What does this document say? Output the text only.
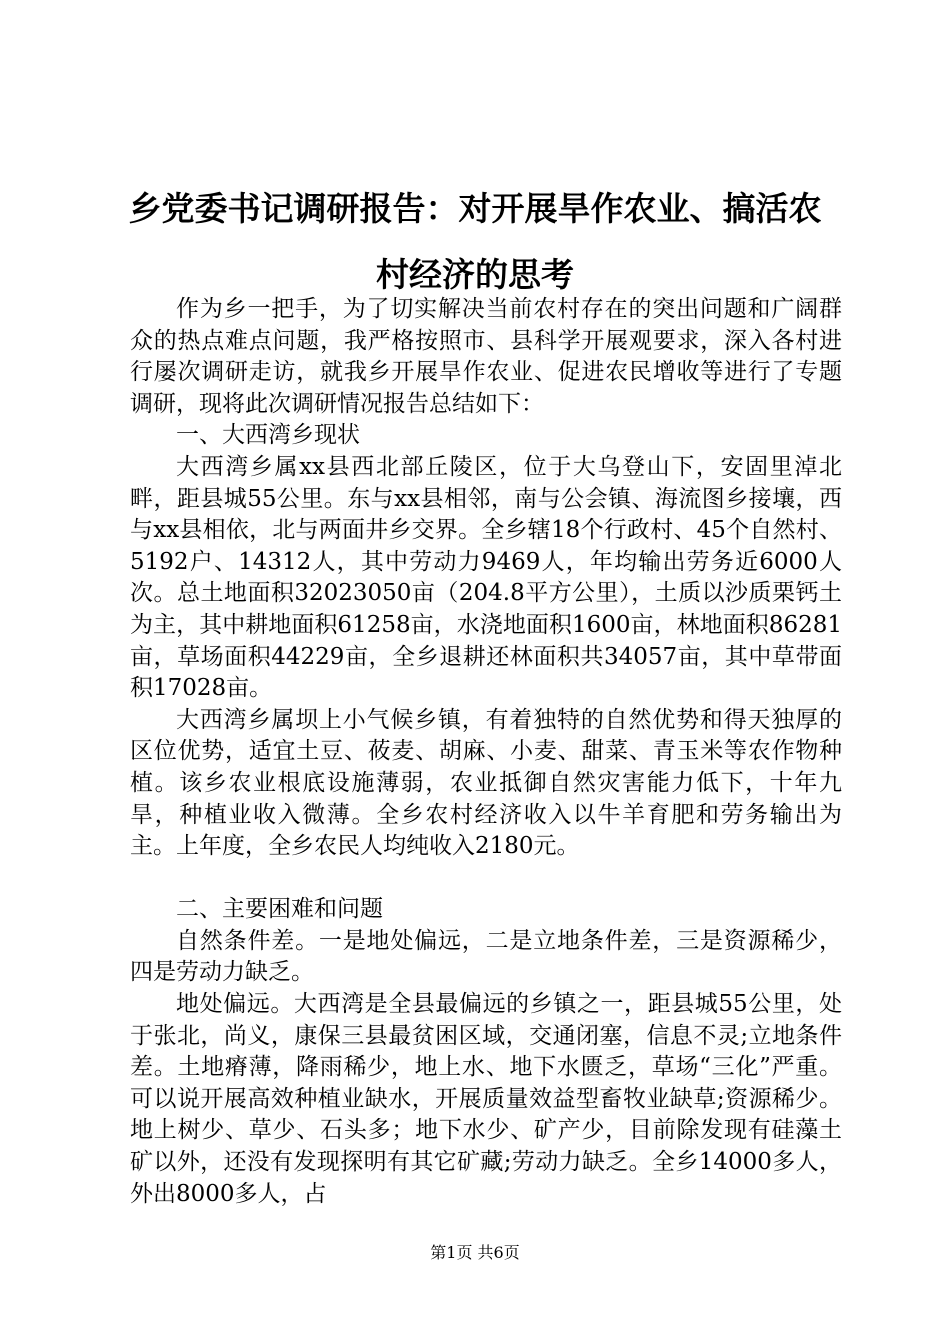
乡党委书记调研报告：对开展旱作农业、搞活农村经济的思考

作为乡一把手，为了切实解决当前农村存在的突出问题和广阔群众的热点难点问题，我严格按照市、县科学开展观要求，深入各村进行屡次调研走访，就我乡开展旱作农业、促进农民增收等进行了专题调研，现将此次调研情况报告总结如下：

一、大西湾乡现状

大西湾乡属xx县西北部丘陵区，位于大乌登山下，安固里淖北畔，距县城55公里。东与xx县相邻，南与公会镇、海流图乡接壤，西与xx县相依，北与两面井乡交界。全乡辖18个行政村、45个自然村、5192户、14312人，其中劳动力9469人，年均输出劳务近6000人次。总土地面积32023050亩（204.8平方公里），土质以沙质栗钙土为主，其中耕地面积61258亩，水浇地面积1600亩，林地面积86281亩，草场面积44229亩，全乡退耕还林面积共34057亩，其中草带面积17028亩。

大西湾乡属坝上小气候乡镇，有着独特的自然优势和得天独厚的区位优势，适宜土豆、莜麦、胡麻、小麦、甜菜、青玉米等农作物种植。该乡农业根底设施薄弱，农业抵御自然灾害能力低下，十年九旱，种植业收入微薄。全乡农村经济收入以牛羊育肥和劳务输出为主。上年度，全乡农民人均纯收入2180元。

二、主要困难和问题

自然条件差。一是地处偏远，二是立地条件差，三是资源稀少，四是劳动力缺乏。

地处偏远。大西湾是全县最偏远的乡镇之一，距县城55公里，处于张北，尚义，康保三县最贫困区域，交通闭塞，信息不灵;立地条件差。土地瘠薄，降雨稀少，地上水、地下水匮乏，草场“三化”严重。可以说开展高效种植业缺水，开展质量效益型畜牧业缺草;资源稀少。地上树少、草少、石头多；地下水少、矿产少，目前除发现有硅藻土矿以外，还没有发现探明有其它矿藏;劳动力缺乏。全乡14000多人，外出8000多人，占

第1页 共6页
